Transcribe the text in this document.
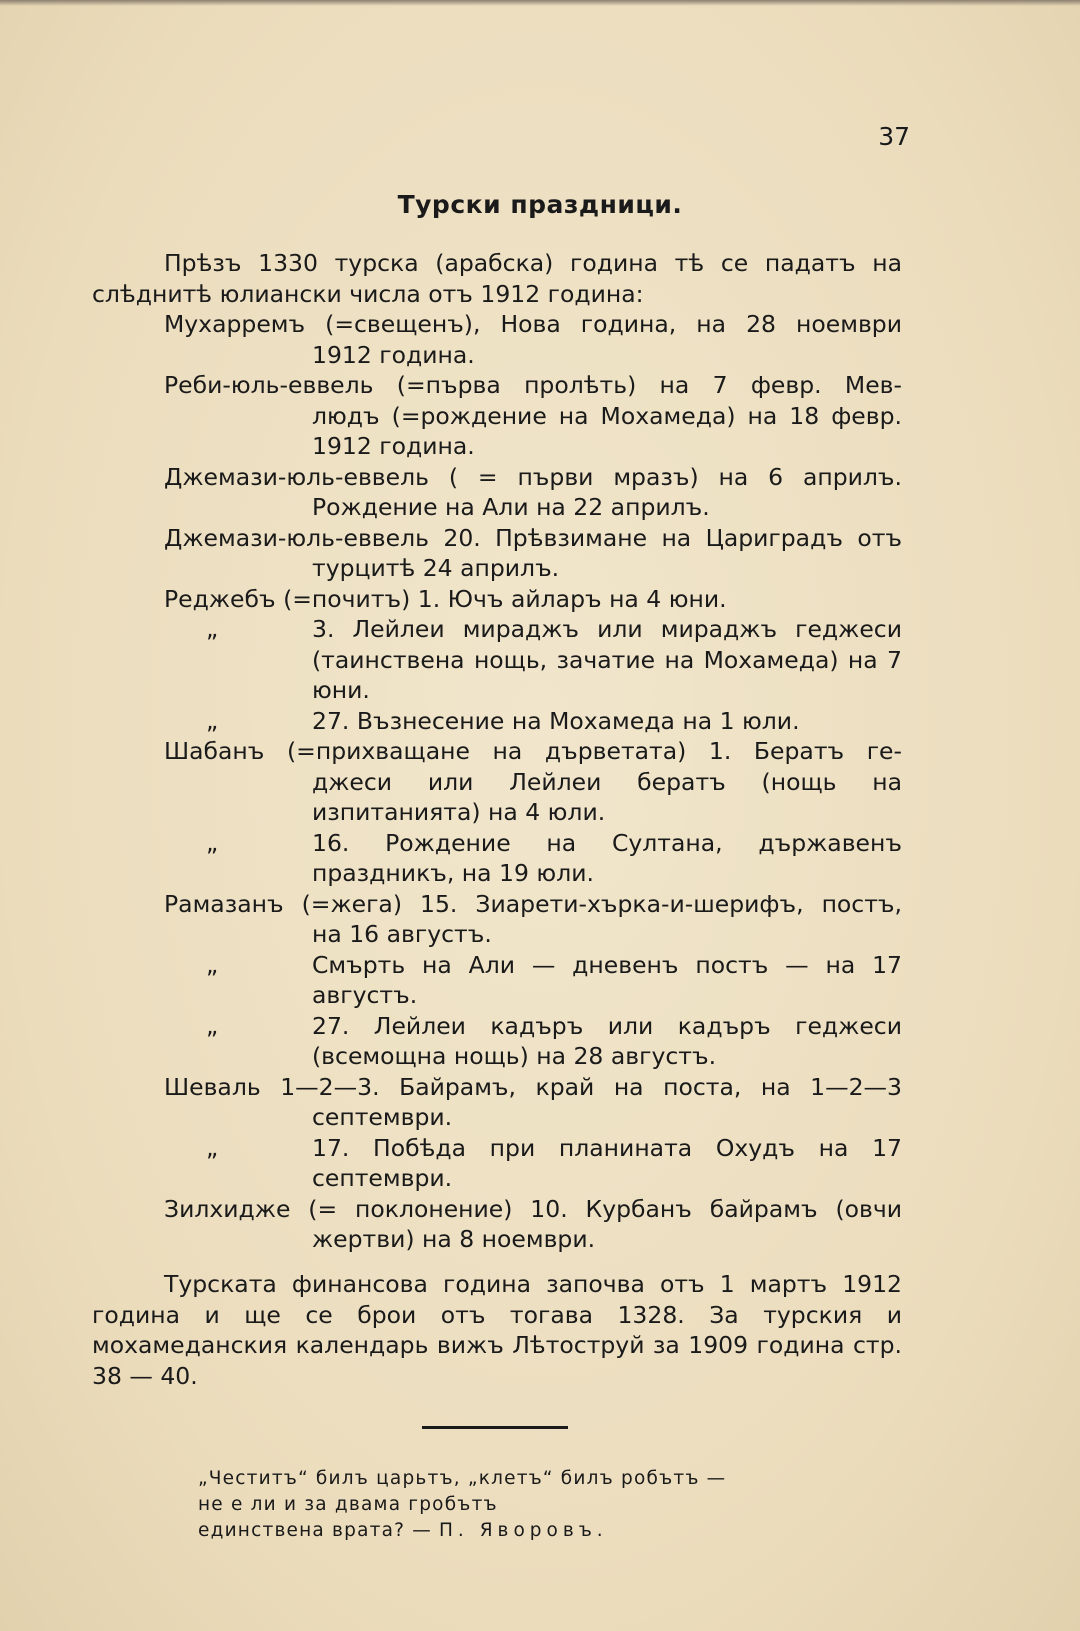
37
Турски праздници.

Прѣзъ 1330 турска (арабска) година тѣ се падатъ на слѣднитѣ юлиански числа отъ 1912 година:

Мухарремъ (=свещенъ), Нова година, на 28 ноември
1912 година.
Реби-юль-еввель (=първа пролѣть) на 7 февр. Мев-
людъ (=рождение на Мохамеда) на 18 февр. 1912 година.
Джемази-юль-еввель ( = първи мразъ) на 6 априлъ.
Рождение на Али на 22 априлъ.
Джемази-юль-еввель 20. Прѣвзимане на Цариградъ отъ
турцитѣ 24 априлъ.
Реджебъ (=почитъ) 1. Ючъ айларъ на 4 юни.
„	3. Лейлеи мираджъ или мираджъ геджеси (таинствена нощь, зачатие на Мохамеда) на 7 юни.
„	27. Възнесение на Мохамеда на 1 юли.
Шабанъ (=прихващане на дърветата) 1. Бератъ ге-
джеси или Лейлеи бератъ (нощь на изпитанията) на 4 юли.
„	16. Рождение на Султана, държавенъ праздникъ, на 19 юли.
Рамазанъ (=жега) 15. Зиарети-хърка-и-шерифъ, постъ,
на 16 августъ.
„	Смърть на Али — дневенъ постъ — на 17 августъ.
„	27. Лейлеи кадъръ или кадъръ геджеси (всемощна нощь) на 28 августъ.
Шеваль 1—2—3. Байрамъ, край на поста, на 1—2—3
септември.
„	17. Побѣда при планината Охудъ на 17 септември.
Зилхидже (= поклонение) 10. Курбанъ байрамъ (овчи
жертви) на 8 ноември.

Турската финансова година започва отъ 1 мартъ 1912 година и ще се брои отъ тогава 1328. За турския и мохамеданския календарь вижъ Лѣтоструй за 1909 година стр. 38 — 40.

„Честитъ“ билъ царьтъ, „клетъ“ билъ робътъ —
не е ли и за двама гробътъ
единствена врата? — П. Яворовъ.
